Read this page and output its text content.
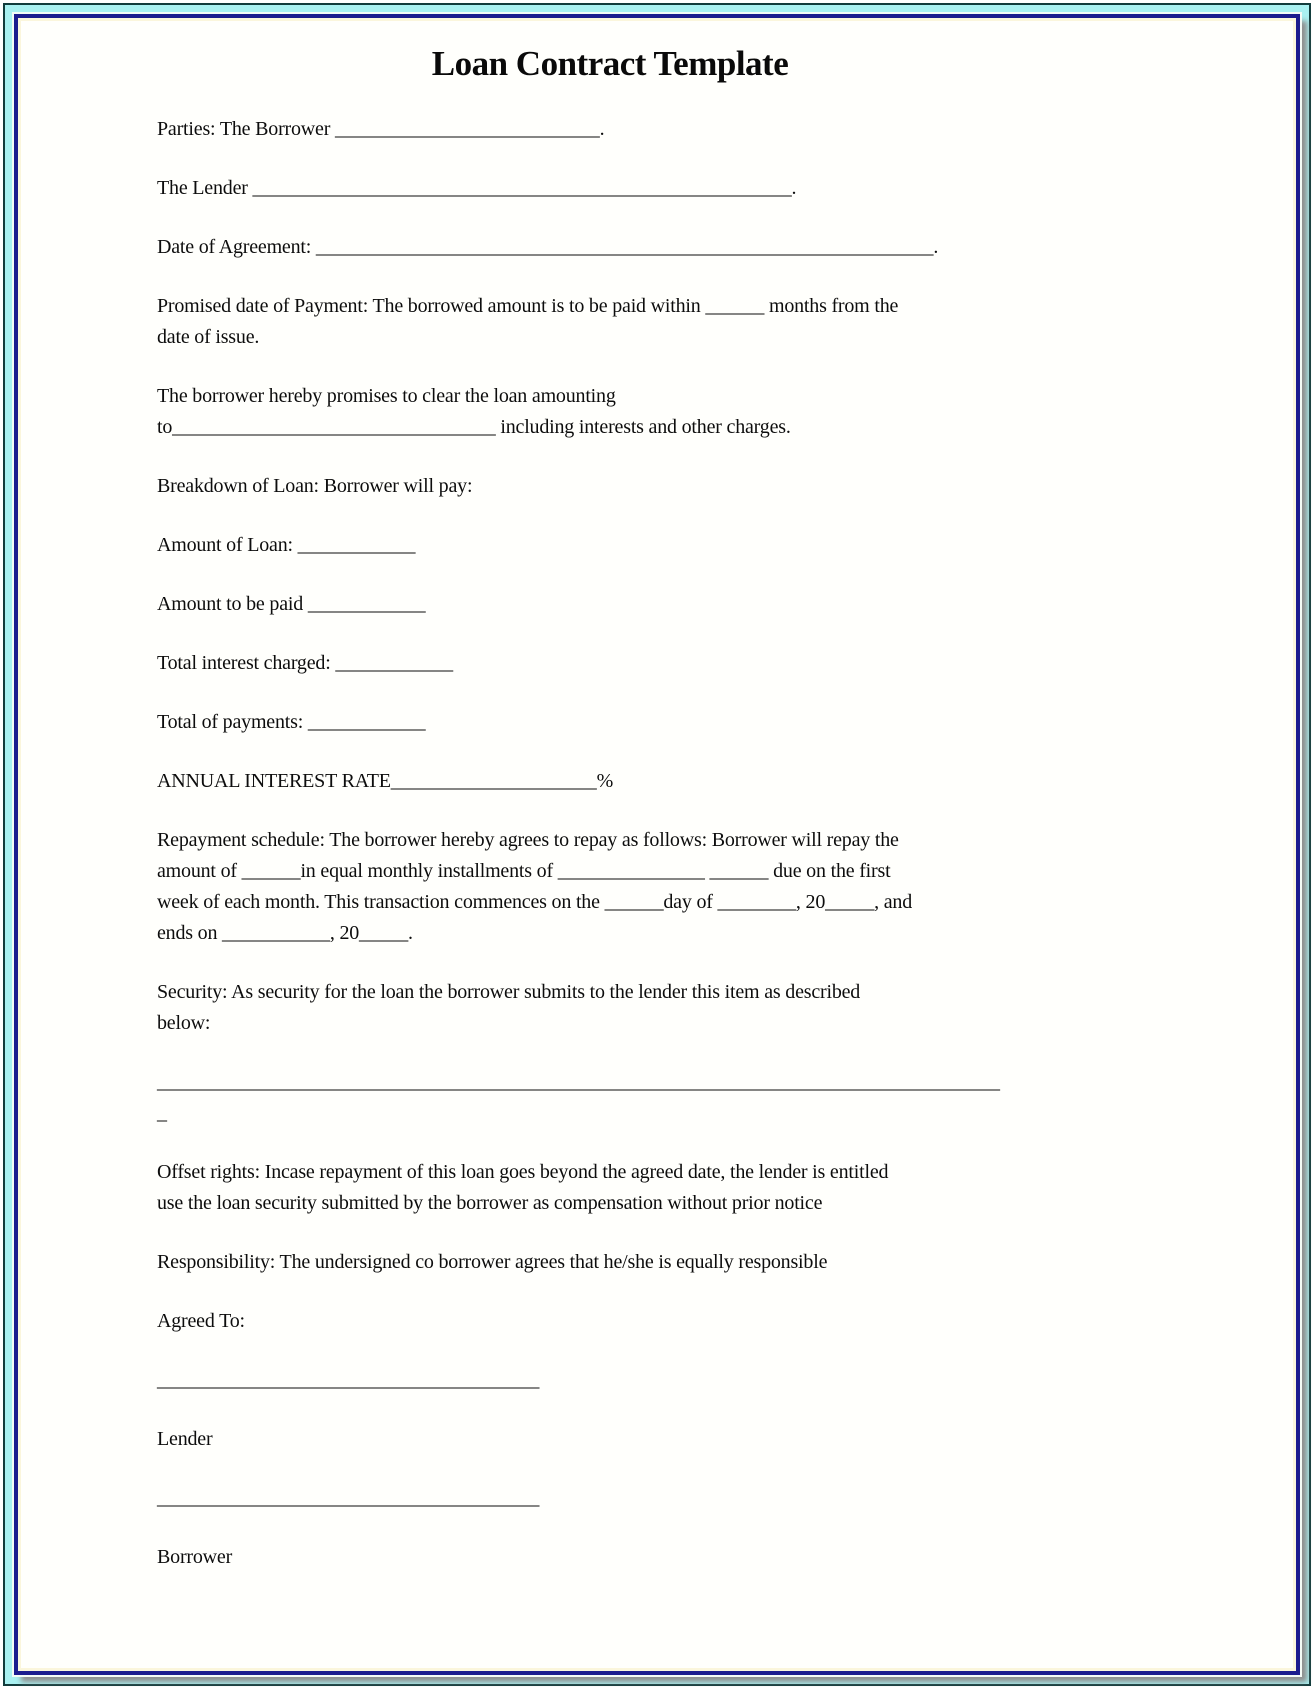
Loan Contract Template
Parties: The Borrower ___________________________.
The Lender _______________________________________________________.
Date of Agreement: _______________________________________________________________.
Promised date of Payment: The borrowed amount is to be paid within ______ months from the
date of issue.
The borrower hereby promises to clear the loan amounting
to_________________________________ including interests and other charges.
Breakdown of Loan: Borrower will pay:
Amount of Loan: ____________
Amount to be paid ____________
Total interest charged: ____________
Total of payments: ____________
ANNUAL INTEREST RATE_____________________%
Repayment schedule: The borrower hereby agrees to repay as follows: Borrower will repay the
amount of ______in equal monthly installments of _______________ ______ due on the first
week of each month. This transaction commences on the ______day of ________, 20_____, and
ends on ___________, 20_____.
Security: As security for the loan the borrower submits to the lender this item as described
below:
______________________________________________________________________________________
_
Offset rights: Incase repayment of this loan goes beyond the agreed date, the lender is entitled
use the loan security submitted by the borrower as compensation without prior notice
Responsibility: The undersigned co borrower agrees that he/she is equally responsible
Agreed To:
_______________________________________
Lender
_______________________________________
Borrower
